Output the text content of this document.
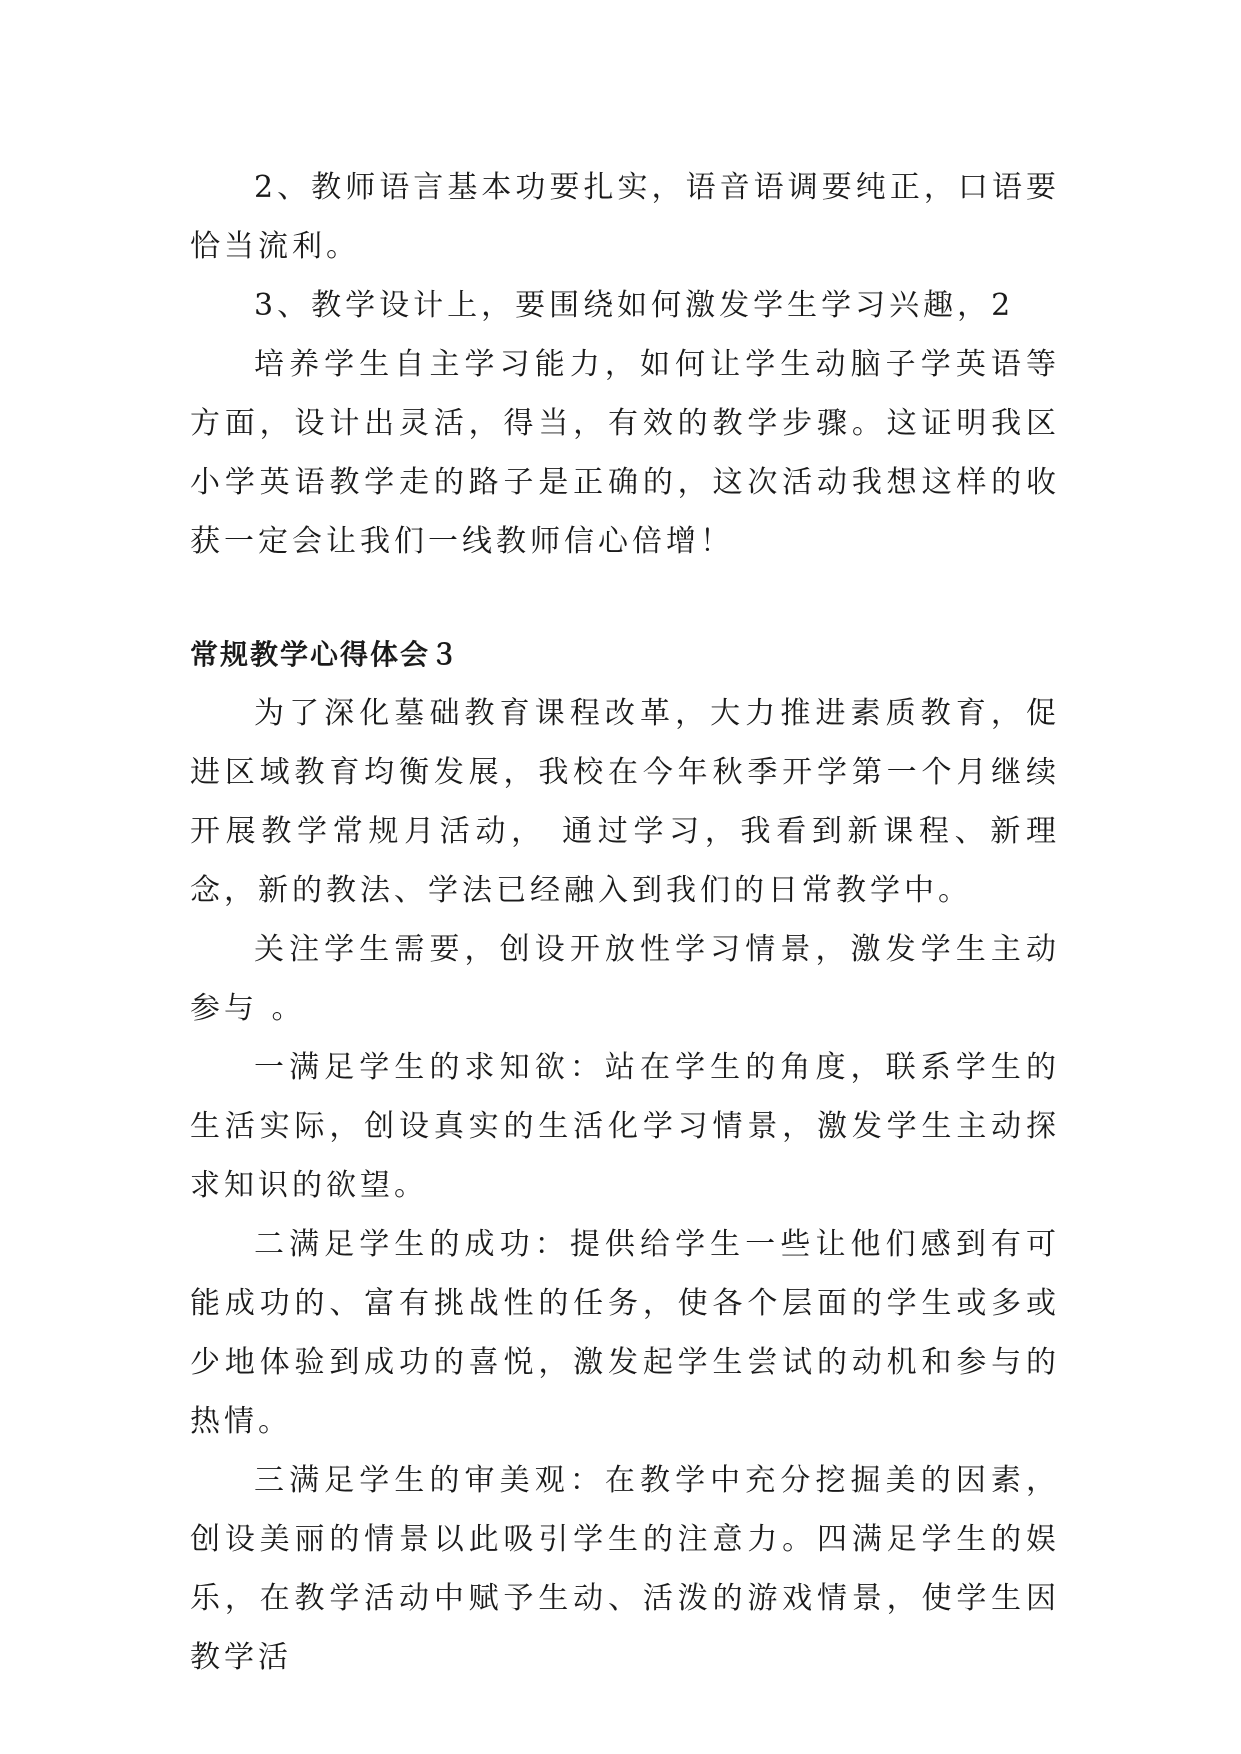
2、教师语言基本功要扎实，语音语调要纯正，口语要恰当流利。

3、教学设计上，要围绕如何激发学生学习兴趣，2

培养学生自主学习能力，如何让学生动脑子学英语等方面，设计出灵活，得当，有效的教学步骤。这证明我区小学英语教学走的路子是正确的，这次活动我想这样的收获一定会让我们一线教师信心倍增！

常规教学心得体会３

为了深化墓础教育课程改革，大力推进素质教育，促进区域教育均衡发展，我校在今年秋季开学第一个月继续开展教学常规月活动， 通过学习，我看到新课程、新理念，新的教法、学法已经融入到我们的日常教学中。

关注学生需要，创设开放性学习情景，激发学生主动参与 。

一满足学生的求知欲：站在学生的角度，联系学生的生活实际，创设真实的生活化学习情景，激发学生主动探求知识的欲望。

二满足学生的成功：提供给学生一些让他们感到有可能成功的、富有挑战性的任务，使各个层面的学生或多或少地体验到成功的喜悦，激发起学生尝试的动机和参与的热情。

三满足学生的审美观：在教学中充分挖掘美的因素，创设美丽的情景以此吸引学生的注意力。四满足学生的娱乐，在教学活动中赋予生动、活泼的游戏情景，使学生因教学活
